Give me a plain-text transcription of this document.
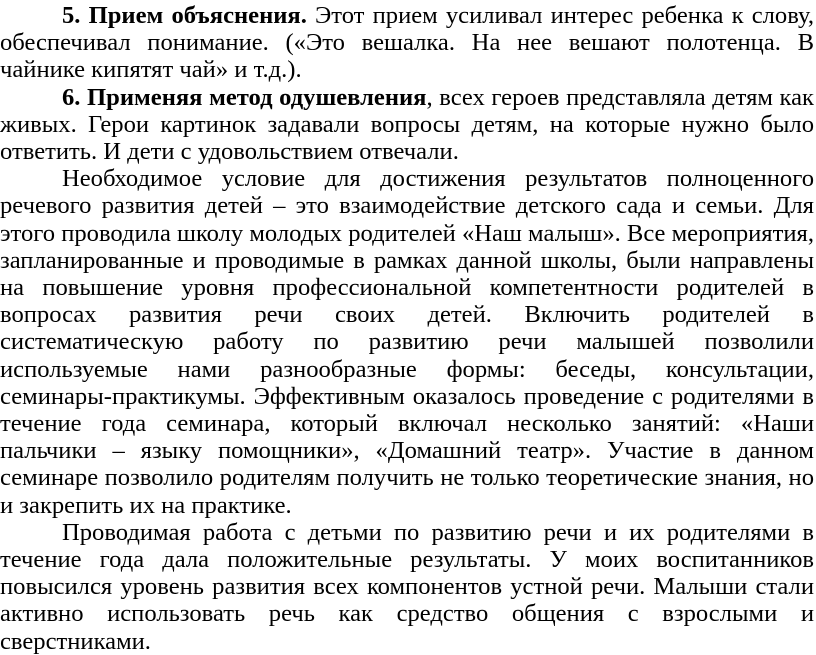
5. Прием объяснения. Этот прием усиливал интерес ребенка к слову, обеспечивал понимание. («Это вешалка. На нее вешают полотенца. В чайнике кипятят чай» и т.д.).

6. Применяя метод одушевления, всех героев представляла детям как живых. Герои картинок задавали вопросы детям, на которые нужно было ответить. И дети с удовольствием отвечали.

Необходимое условие для достижения результатов полноценного речевого развития детей – это взаимодействие детского сада и семьи. Для этого проводила школу молодых родителей «Наш малыш». Все мероприятия, запланированные и проводимые в рамках данной школы, были направлены на повышение уровня профессиональной компетентности родителей в вопросах развития речи своих детей. Включить родителей в систематическую работу по развитию речи малышей позволили используемые нами разнообразные формы: беседы, консультации, семинары-практикумы. Эффективным оказалось проведение с родителями в течение года семинара, который включал несколько занятий: «Наши пальчики – языку помощники», «Домашний театр». Участие в данном семинаре позволило родителям получить не только теоретические знания, но и закрепить их на практике.

Проводимая работа с детьми по развитию речи и их родителями в течение года дала положительные результаты. У моих воспитанников повысился уровень развития всех компонентов устной речи. Малыши стали активно использовать речь как средство общения с взрослыми и сверстниками.
